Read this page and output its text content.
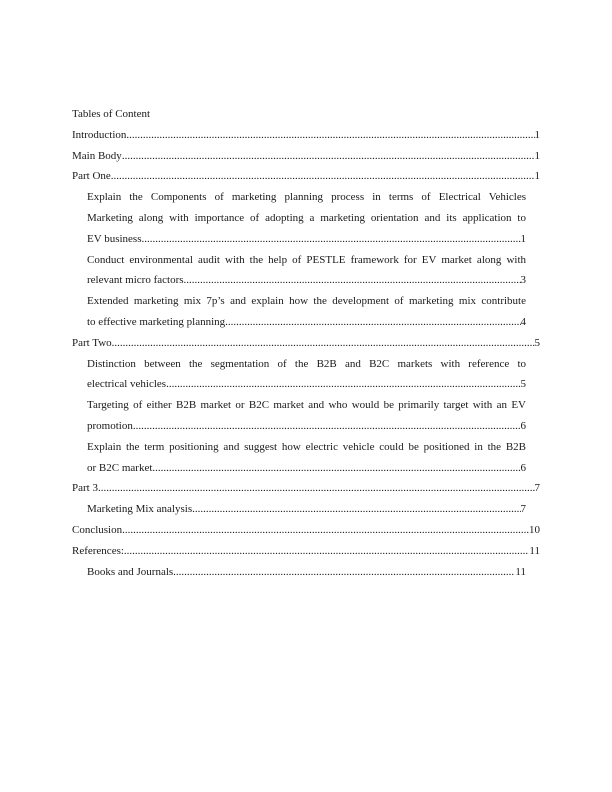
Tables of Content
Introduction .....	1
Main Body .....	1
Part One .....	1
Explain the Components of marketing planning process in terms of Electrical Vehicles
Marketing along with importance of adopting a marketing orientation and its application to
EV business .....	1
Conduct environmental audit with the help of PESTLE framework for EV market along with
relevant micro factors .....	3
Extended marketing mix 7p’s and explain how the development of marketing mix contribute
to effective marketing planning .....	4
Part Two .....	5
Distinction between the segmentation of the B2B and B2C markets with reference to
electrical vehicles .....	5
Targeting of either B2B market or B2C market and who would be primarily target with an EV
promotion .....	6
Explain the term positioning and suggest how electric vehicle could be positioned in the B2B
or B2C market .....	6
Part 3 .....	7
Marketing Mix analysis .....	7
Conclusion .....	10
References: .....	11
Books and Journals .....	11
